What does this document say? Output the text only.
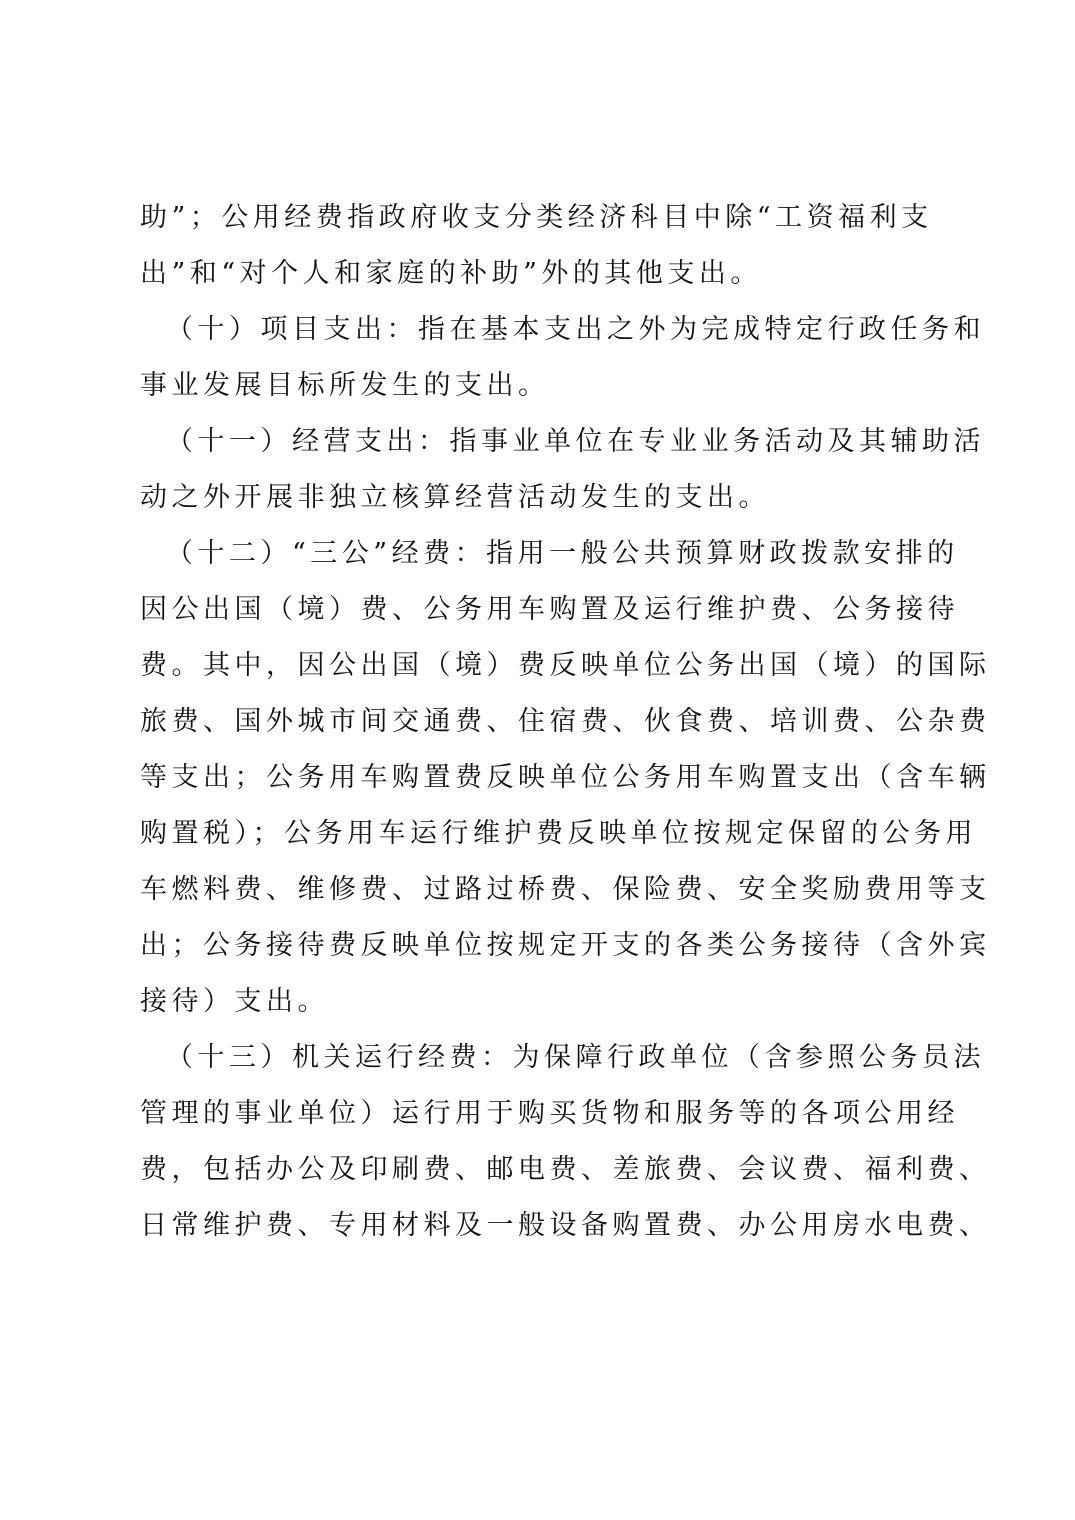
助”；公用经费指政府收支分类经济科目中除“工资福利支
出”和“对个人和家庭的补助”外的其他支出。
（十）项目支出：指在基本支出之外为完成特定行政任务和
事业发展目标所发生的支出。
（十一）经营支出：指事业单位在专业业务活动及其辅助活
动之外开展非独立核算经营活动发生的支出。
（十二）“三公”经费：指用一般公共预算财政拨款安排的
因公出国（境）费、公务用车购置及运行维护费、公务接待
费。其中，因公出国（境）费反映单位公务出国（境）的国际
旅费、国外城市间交通费、住宿费、伙食费、培训费、公杂费
等支出；公务用车购置费反映单位公务用车购置支出（含车辆
购置税）；公务用车运行维护费反映单位按规定保留的公务用
车燃料费、维修费、过路过桥费、保险费、安全奖励费用等支
出；公务接待费反映单位按规定开支的各类公务接待（含外宾
接待）支出。
（十三）机关运行经费：为保障行政单位（含参照公务员法
管理的事业单位）运行用于购买货物和服务等的各项公用经
费，包括办公及印刷费、邮电费、差旅费、会议费、福利费、
日常维护费、专用材料及一般设备购置费、办公用房水电费、
